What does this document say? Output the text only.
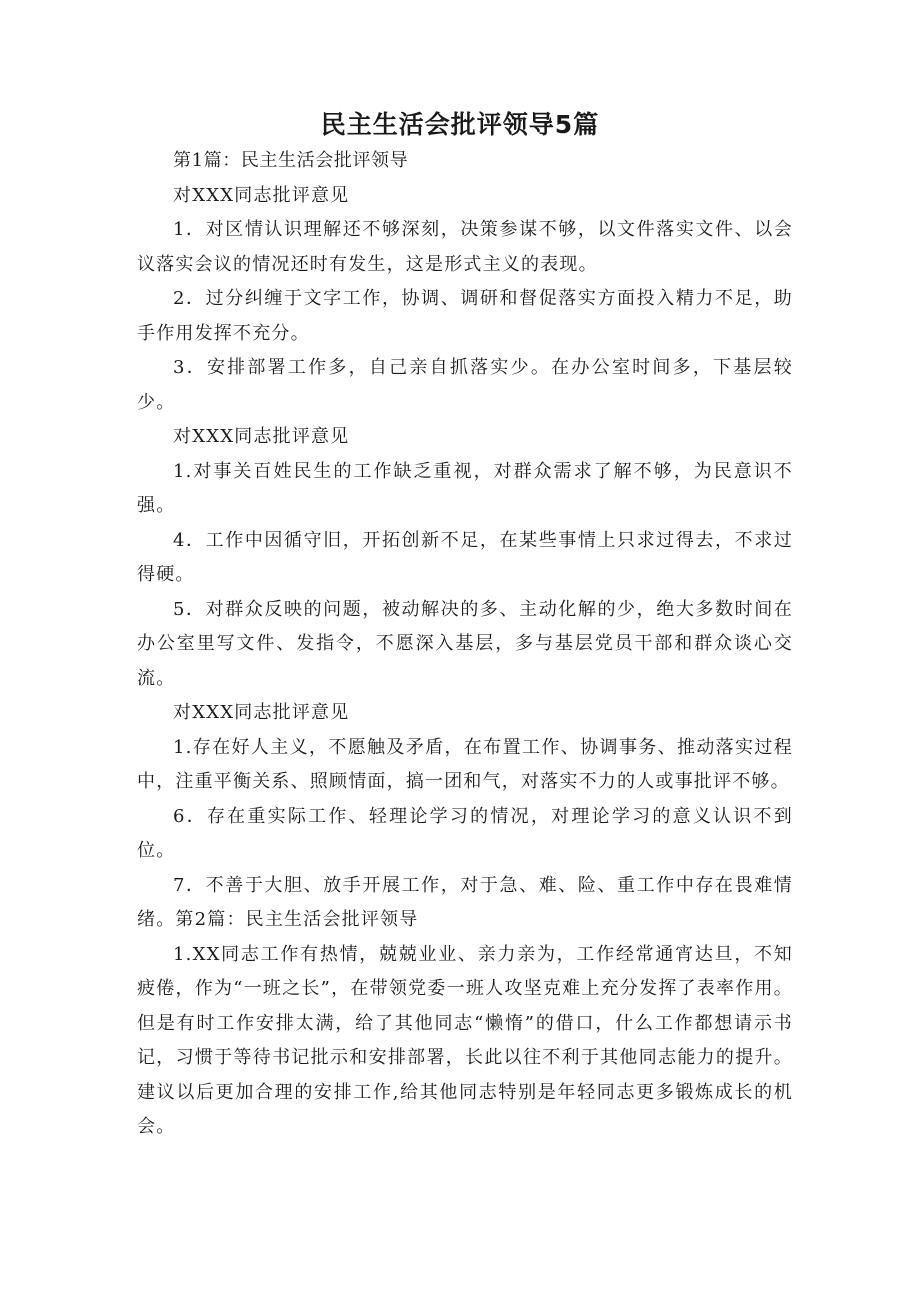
民主生活会批评领导5篇

第1篇：民主生活会批评领导

对XXX同志批评意见

1．对区情认识理解还不够深刻，决策参谋不够，以文件落实文件、以会议落实会议的情况还时有发生，这是形式主义的表现。

2．过分纠缠于文字工作，协调、调研和督促落实方面投入精力不足，助手作用发挥不充分。

3．安排部署工作多，自己亲自抓落实少。在办公室时间多，下基层较少。

对XXX同志批评意见

1.对事关百姓民生的工作缺乏重视，对群众需求了解不够，为民意识不强。

4．工作中因循守旧，开拓创新不足，在某些事情上只求过得去，不求过得硬。

5．对群众反映的问题，被动解决的多、主动化解的少，绝大多数时间在办公室里写文件、发指令，不愿深入基层，多与基层党员干部和群众谈心交流。

对XXX同志批评意见

1.存在好人主义，不愿触及矛盾，在布置工作、协调事务、推动落实过程中，注重平衡关系、照顾情面，搞一团和气，对落实不力的人或事批评不够。

6．存在重实际工作、轻理论学习的情况，对理论学习的意义认识不到位。

7．不善于大胆、放手开展工作，对于急、难、险、重工作中存在畏难情绪。第2篇：民主生活会批评领导

1.XX同志工作有热情，兢兢业业、亲力亲为，工作经常通宵达旦，不知疲倦，作为“一班之长”，在带领党委一班人攻坚克难上充分发挥了表率作用。但是有时工作安排太满，给了其他同志“懒惰”的借口，什么工作都想请示书记，习惯于等待书记批示和安排部署，长此以往不利于其他同志能力的提升。建议以后更加合理的安排工作,给其他同志特别是年轻同志更多锻炼成长的机会。
